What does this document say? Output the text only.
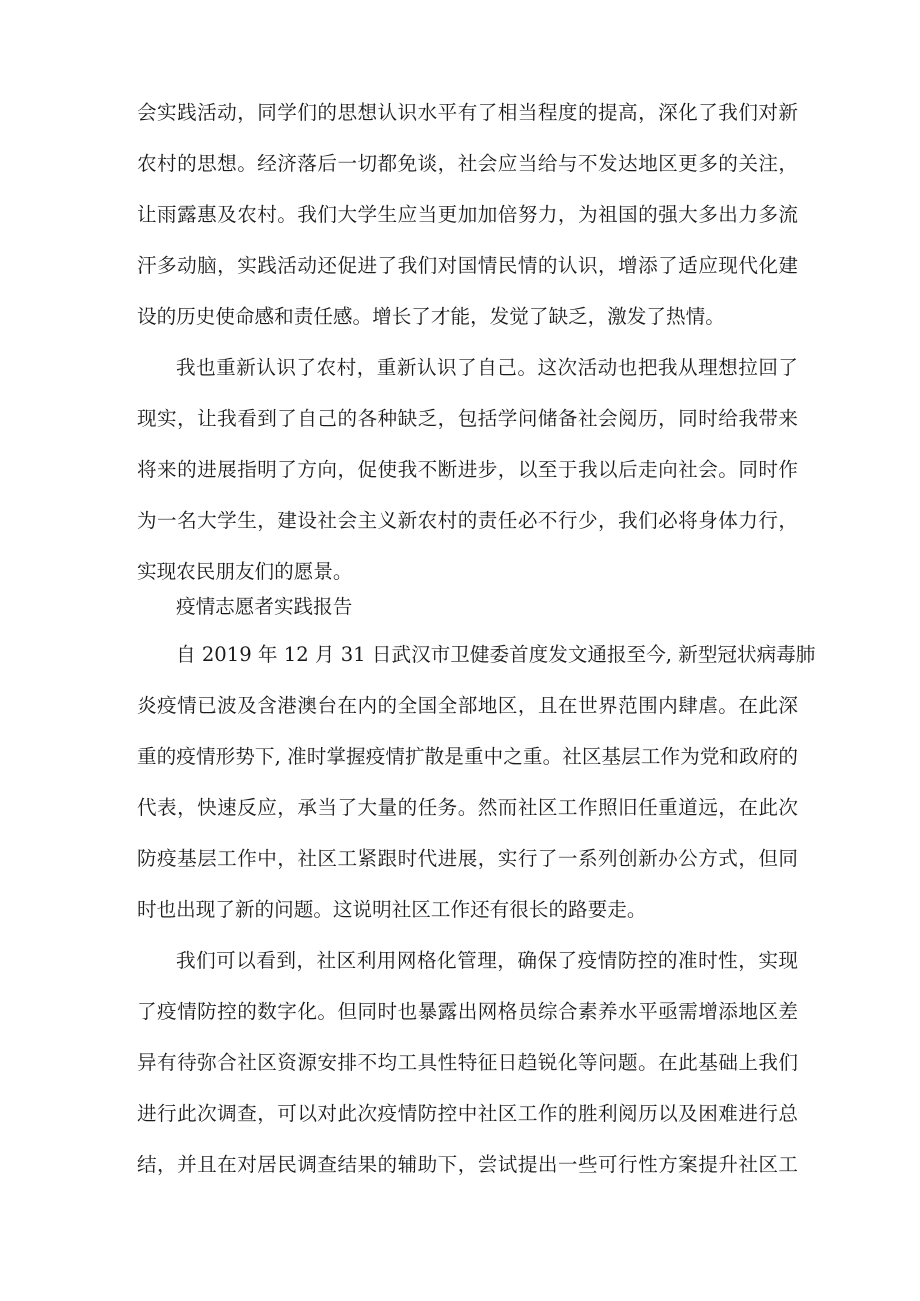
会实践活动，同学们的思想认识水平有了相当程度的提高，深化了我们对新

农村的思想。经济落后一切都免谈，社会应当给与不发达地区更多的关注，

让雨露惠及农村。我们大学生应当更加加倍努力，为祖国的强大多出力多流

汗多动脑，实践活动还促进了我们对国情民情的认识，增添了适应现代化建

设的历史使命感和责任感。增长了才能，发觉了缺乏，激发了热情。

我也重新认识了农村，重新认识了自己。这次活动也把我从理想拉回了

现实，让我看到了自己的各种缺乏，包括学问储备社会阅历，同时给我带来

将来的进展指明了方向，促使我不断进步，以至于我以后走向社会。同时作

为一名大学生，建设社会主义新农村的责任必不行少，我们必将身体力行，

实现农民朋友们的愿景。

疫情志愿者实践报告

自 2019 年 12 月 31 日武汉市卫健委首度发文通报至今, 新型冠状病毒肺

炎疫情已波及含港澳台在内的全国全部地区，且在世界范围内肆虐。在此深

重的疫情形势下, 准时掌握疫情扩散是重中之重。社区基层工作为党和政府的

代表，快速反应，承当了大量的任务。然而社区工作照旧任重道远，在此次

防疫基层工作中，社区工紧跟时代进展，实行了一系列创新办公方式，但同

时也出现了新的问题。这说明社区工作还有很长的路要走。

我们可以看到，社区利用网格化管理，确保了疫情防控的准时性，实现

了疫情防控的数字化。但同时也暴露出网格员综合素养水平亟需增添地区差

异有待弥合社区资源安排不均工具性特征日趋锐化等问题。在此基础上我们

进行此次调查，可以对此次疫情防控中社区工作的胜利阅历以及困难进行总

结，并且在对居民调查结果的辅助下，尝试提出一些可行性方案提升社区工
